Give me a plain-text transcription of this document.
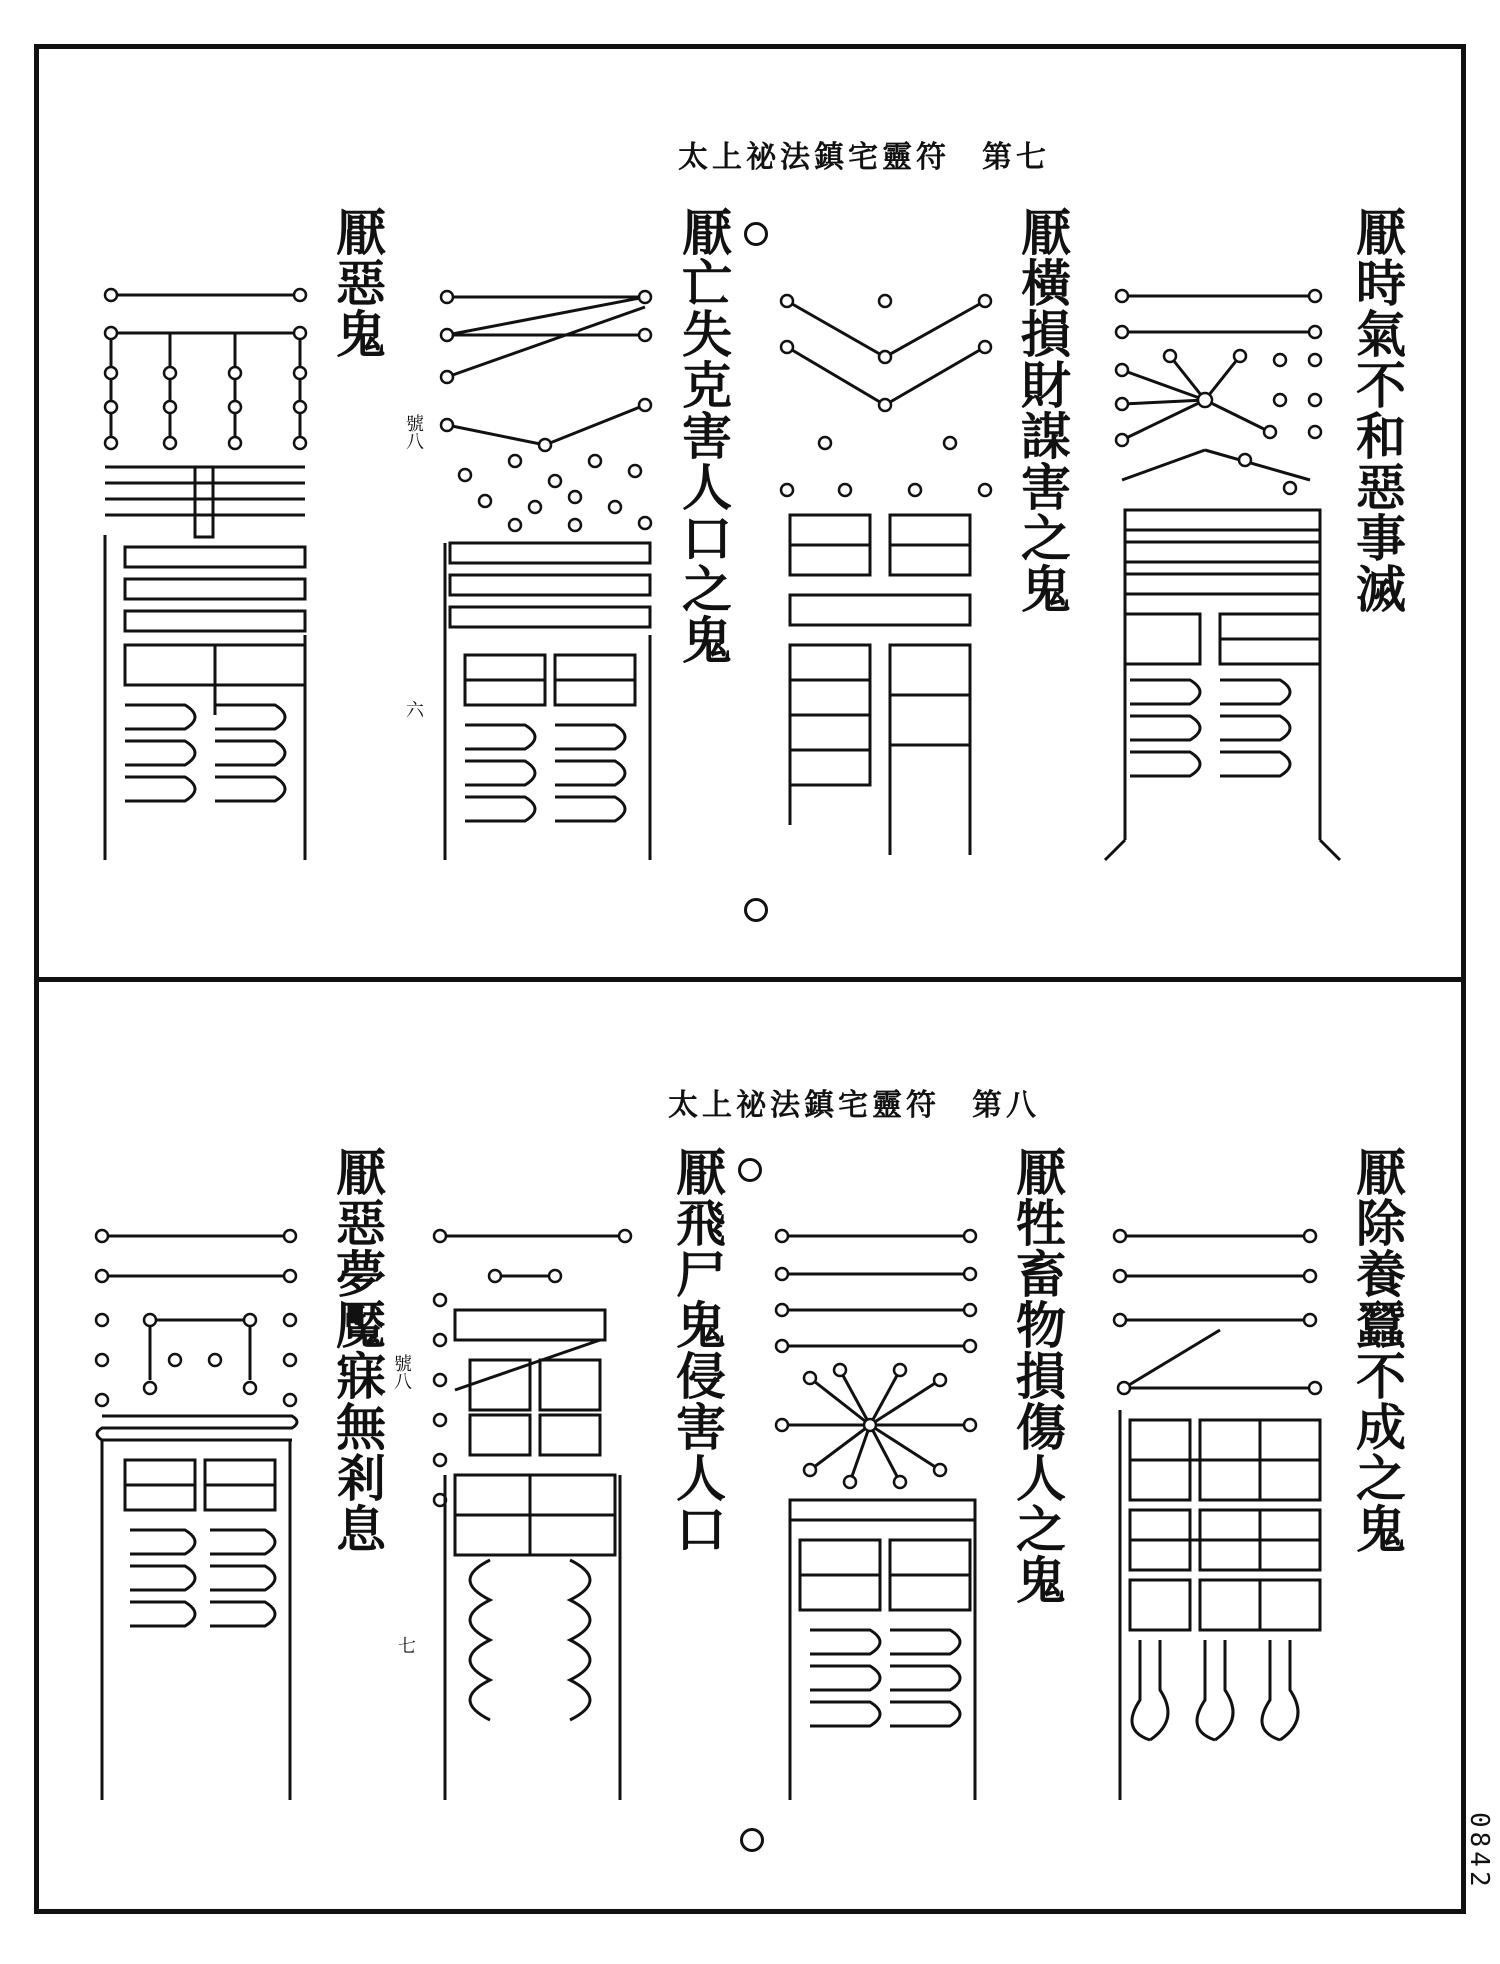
太上祕法鎮宅靈符 第七
厭時氣不和惡事滅
厭橫損財謀害之鬼
厭亡失克害人口之鬼
厭惡鬼
號八
六
太上祕法鎮宅靈符 第八
厭除養蠶不成之鬼
厭牲畜物損傷人之鬼
厭飛尸鬼侵害人口
厭惡夢魘寐無剎息 號八
七
0842
